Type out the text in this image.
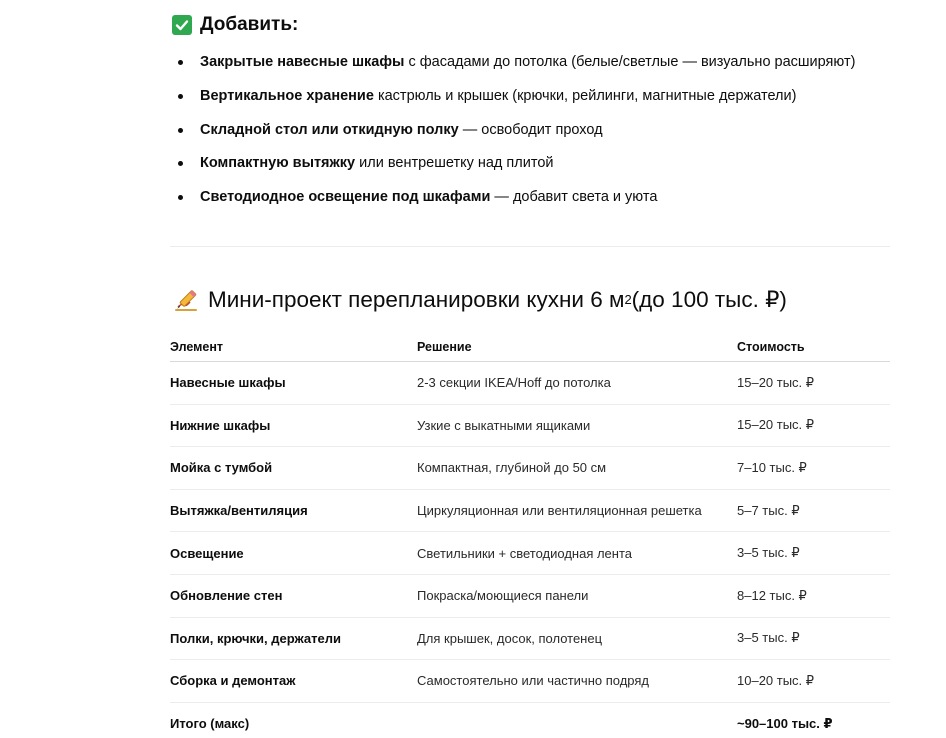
Добавить:
Закрытые навесные шкафы с фасадами до потолка (белые/светлые — визуально расширяют)
Вертикальное хранение кастрюль и крышек (крючки, рейлинги, магнитные держатели)
Складной стол или откидную полку — освободит проход
Компактную вытяжку или вентрешетку над плитой
Светодиодное освещение под шкафами — добавит света и уюта
Мини-проект перепланировки кухни 6 м 2 (до 100 тыс. ₽)
Элемент	Решение	Стоимость
Навесные шкафы	2-3 секции IKEA/Hoff до потолка	15–20 тыс. ₽
Нижние шкафы	Узкие с выкатными ящиками	15–20 тыс. ₽
Мойка с тумбой	Компактная, глубиной до 50 см	7–10 тыс. ₽
Вытяжка/вентиляция	Циркуляционная или вентиляционная решетка	5–7 тыс. ₽
Освещение	Светильники + светодиодная лента	3–5 тыс. ₽
Обновление стен	Покраска/моющиеся панели	8–12 тыс. ₽
Полки, крючки, держатели	Для крышек, досок, полотенец	3–5 тыс. ₽
Сборка и демонтаж	Самостоятельно или частично подряд	10–20 тыс. ₽
Итого (макс)		~90–100 тыс. ₽
